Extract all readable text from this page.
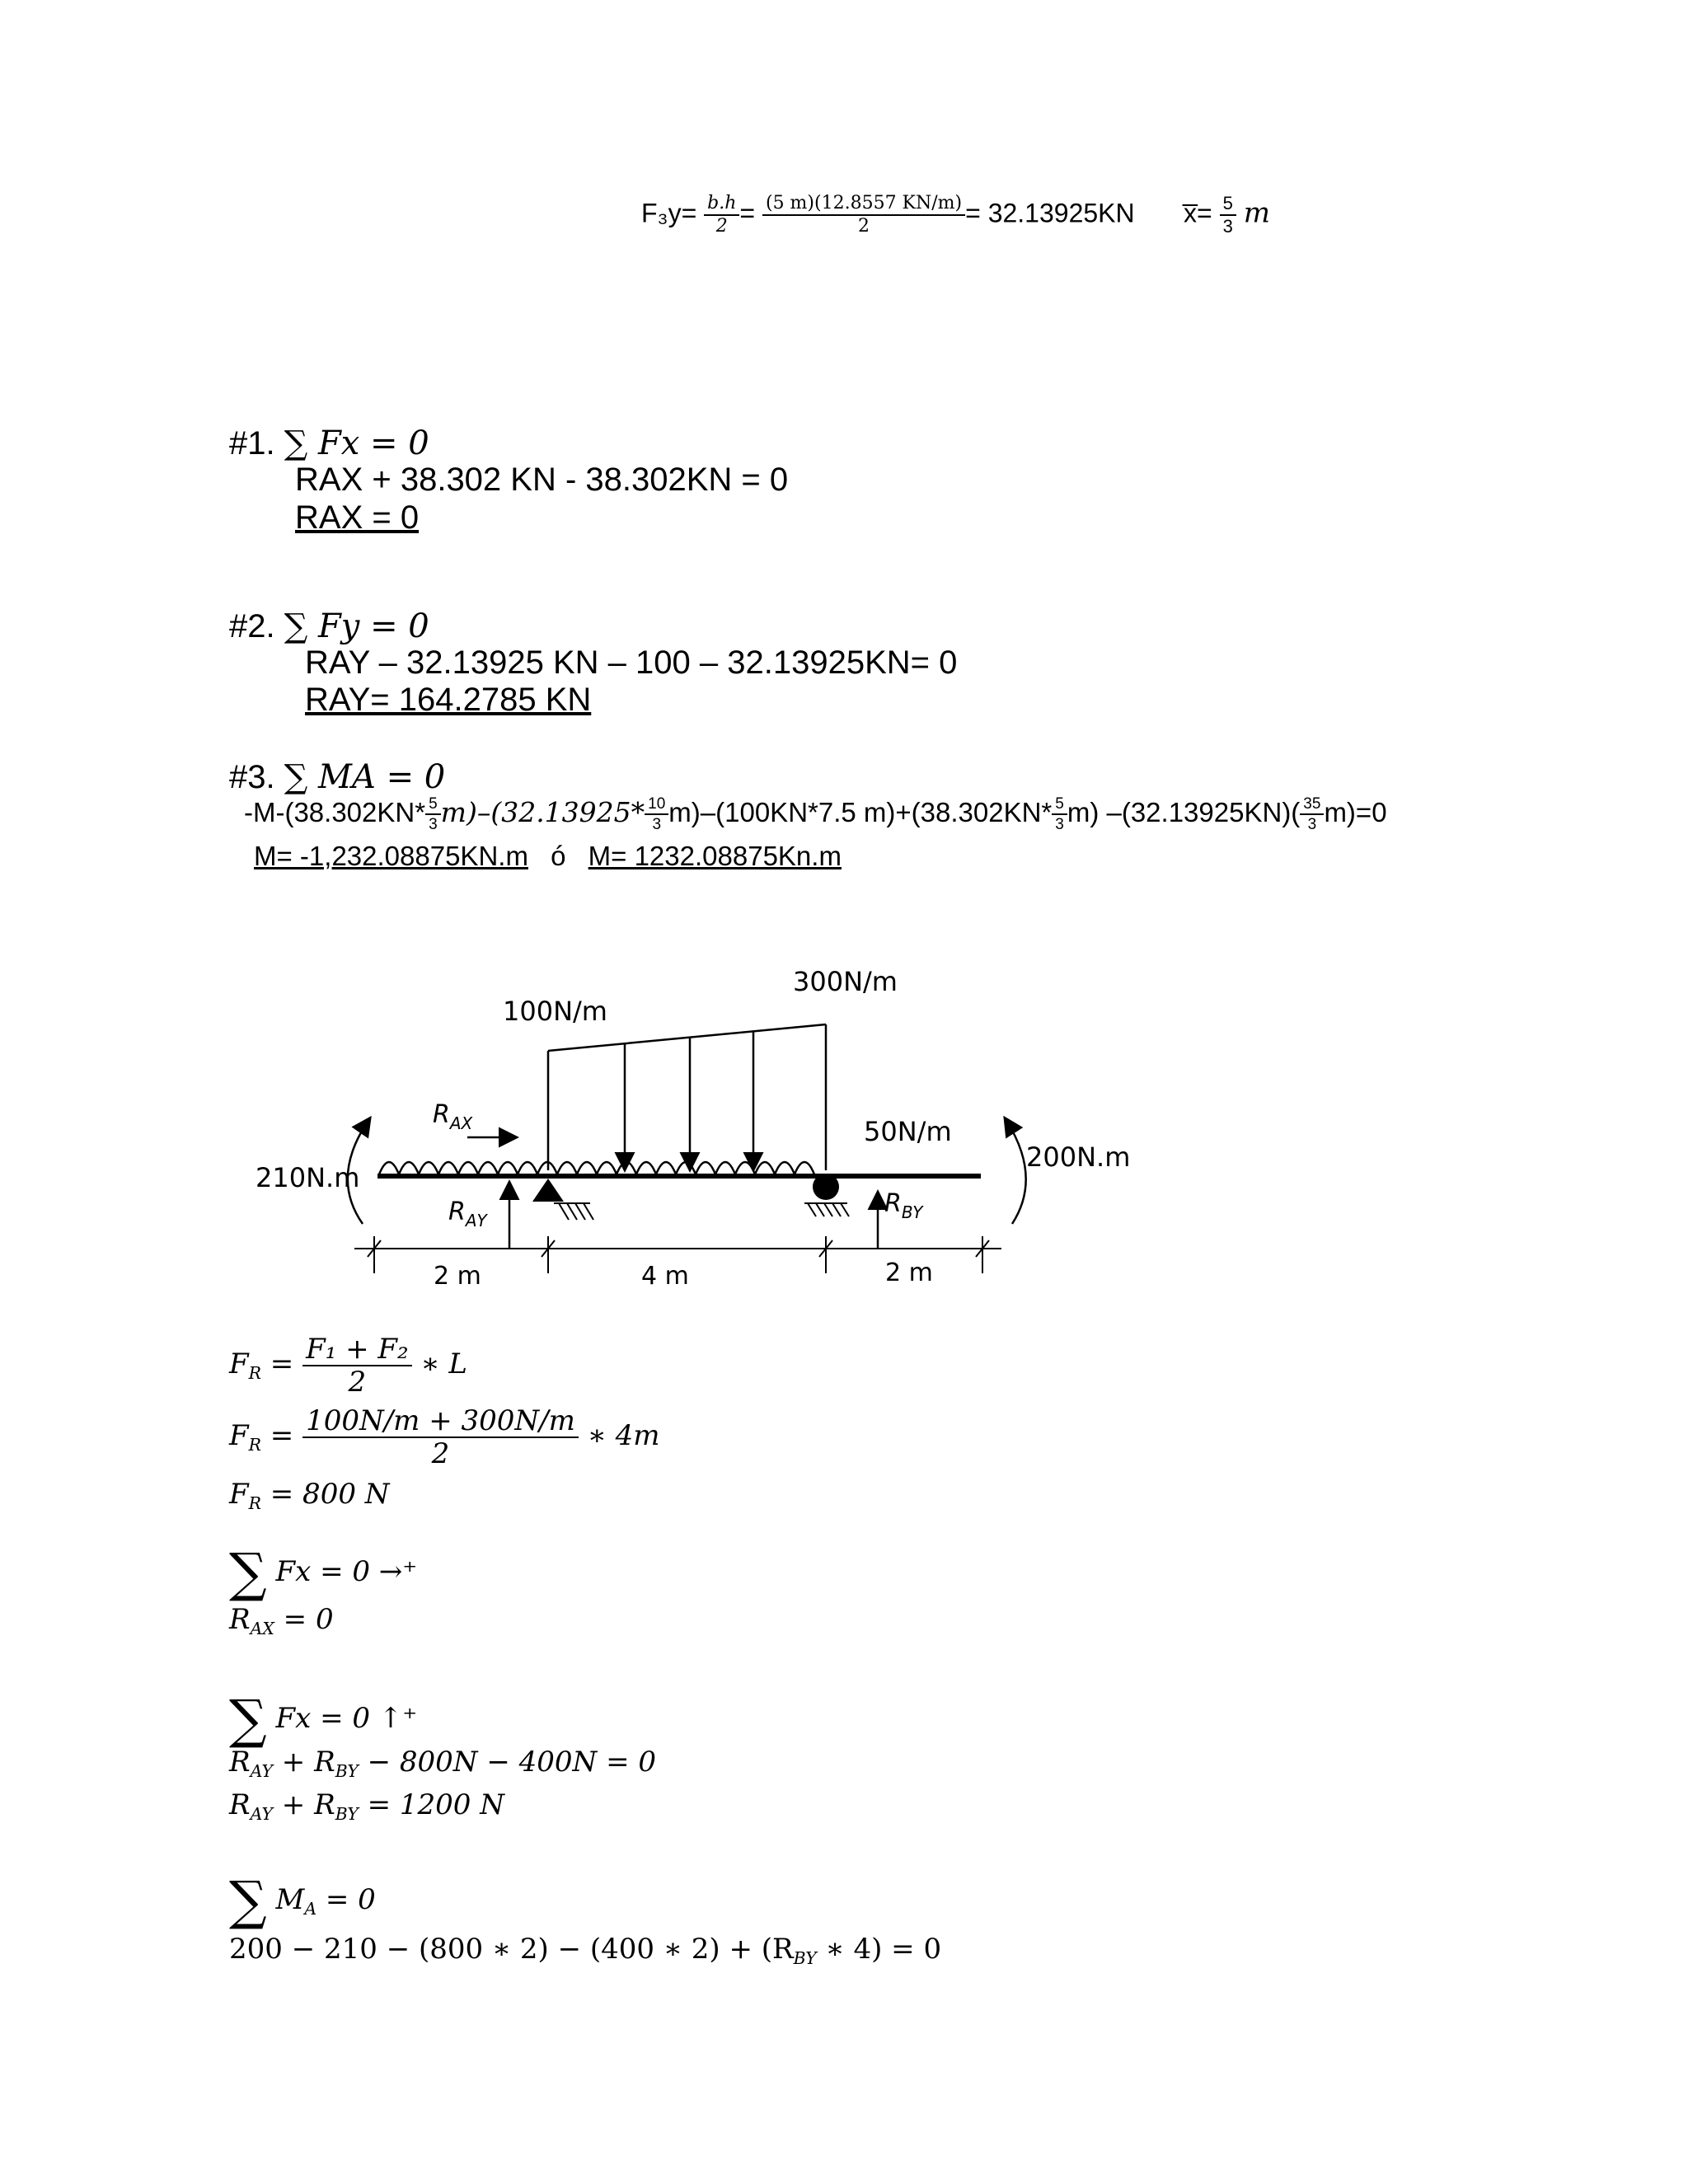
$F_3y= \frac{b.h}{2} = \frac{(5 m)(12.8557 KN/m)}{2} = 32.13925KN$ x̅= $\frac{5}{3}$ m
#1. ∑ Fx = 0
RAX + 38.302 KN - 38.302KN = 0
RAX = 0
#2. ∑ Fy = 0
RAY – 32.13925 KN – 100 – 32.13925KN= 0
RAY= 164.2785 KN
#3. ∑ MA = 0
$-M-(38.302KN* \frac{5}{3} m)-(32.13925* \frac{10}{3} m)-(100KN*7.5$ $m)+(38.302KN* \frac{5}{3} m)$ $-(32.13925KN)( \frac{35}{3} m)=0$
M= -1,232.08875KN.m ó M= 1232.08875Kn.m
100N/m
300N/m
50N/m
$R_{AX}$
$R_{AY}$
$R_{BY}$
210N.m
200N.m
2 m	4 m	2 m
$F_R = \frac{\text{F₁ + F₂}}{2}$ ∗ L
$F_R = \frac{100N/m + 300N/m}{2}$ ∗ 4m
$F_R = 800$ N
∑ Fx = 0 →⁺
$R_{AX} = 0$
∑ Fx = 0 ↑⁺
$R_{AY} + R_{BY} - 800N - 400N = 0$
$R_{AY} + R_{BY} = 1200$ N
∑ $M_A = 0$
200 − 210 − (800 ∗ 2) − (400 ∗ $2) + (R_{BY}$ ∗ 4) = 0
